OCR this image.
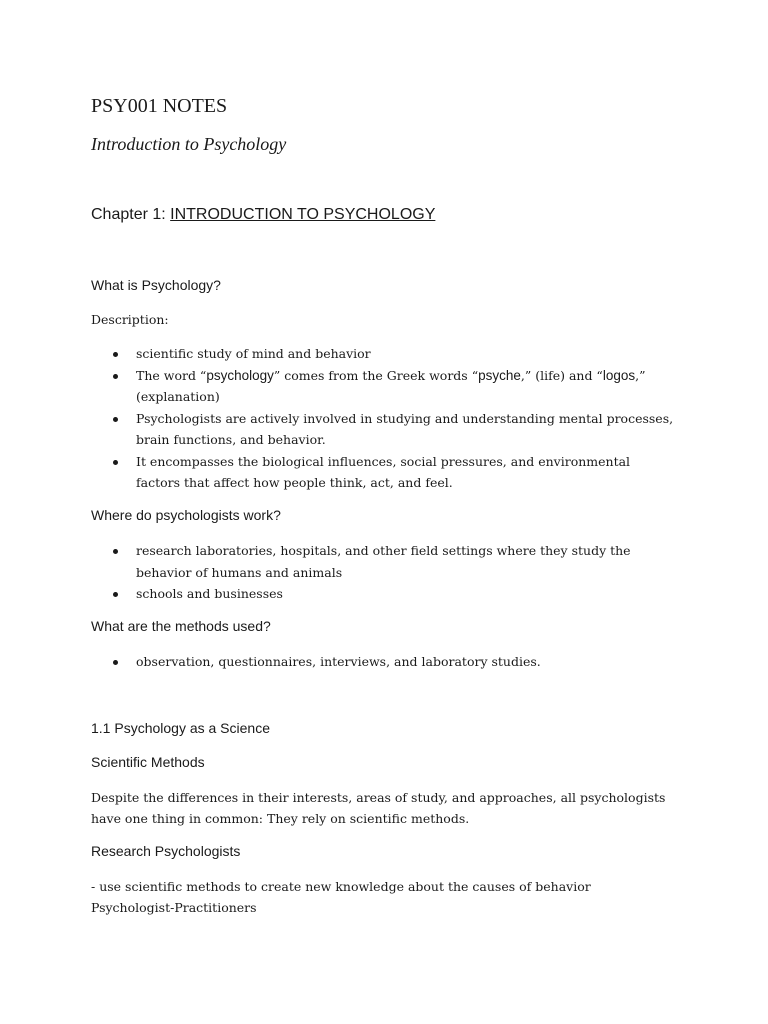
PSY001 NOTES
Introduction to Psychology
Chapter 1: INTRODUCTION TO PSYCHOLOGY
What is Psychology?
Description:
scientific study of mind and behavior
The word “psychology” comes from the Greek words “psyche,” (life) and “logos,”
(explanation)
Psychologists are actively involved in studying and understanding mental processes,
brain functions, and behavior.
It encompasses the biological influences, social pressures, and environmental
factors that affect how people think, act, and feel.
Where do psychologists work?
research laboratories, hospitals, and other field settings where they study the
behavior of humans and animals
schools and businesses
What are the methods used?
observation, questionnaires, interviews, and laboratory studies.
1.1 Psychology as a Science
Scientific Methods
Despite the differences in their interests, areas of study, and approaches, all psychologists
have one thing in common: They rely on scientific methods.
Research Psychologists
- use scientific methods to create new knowledge about the causes of behavior
Psychologist-Practitioners
